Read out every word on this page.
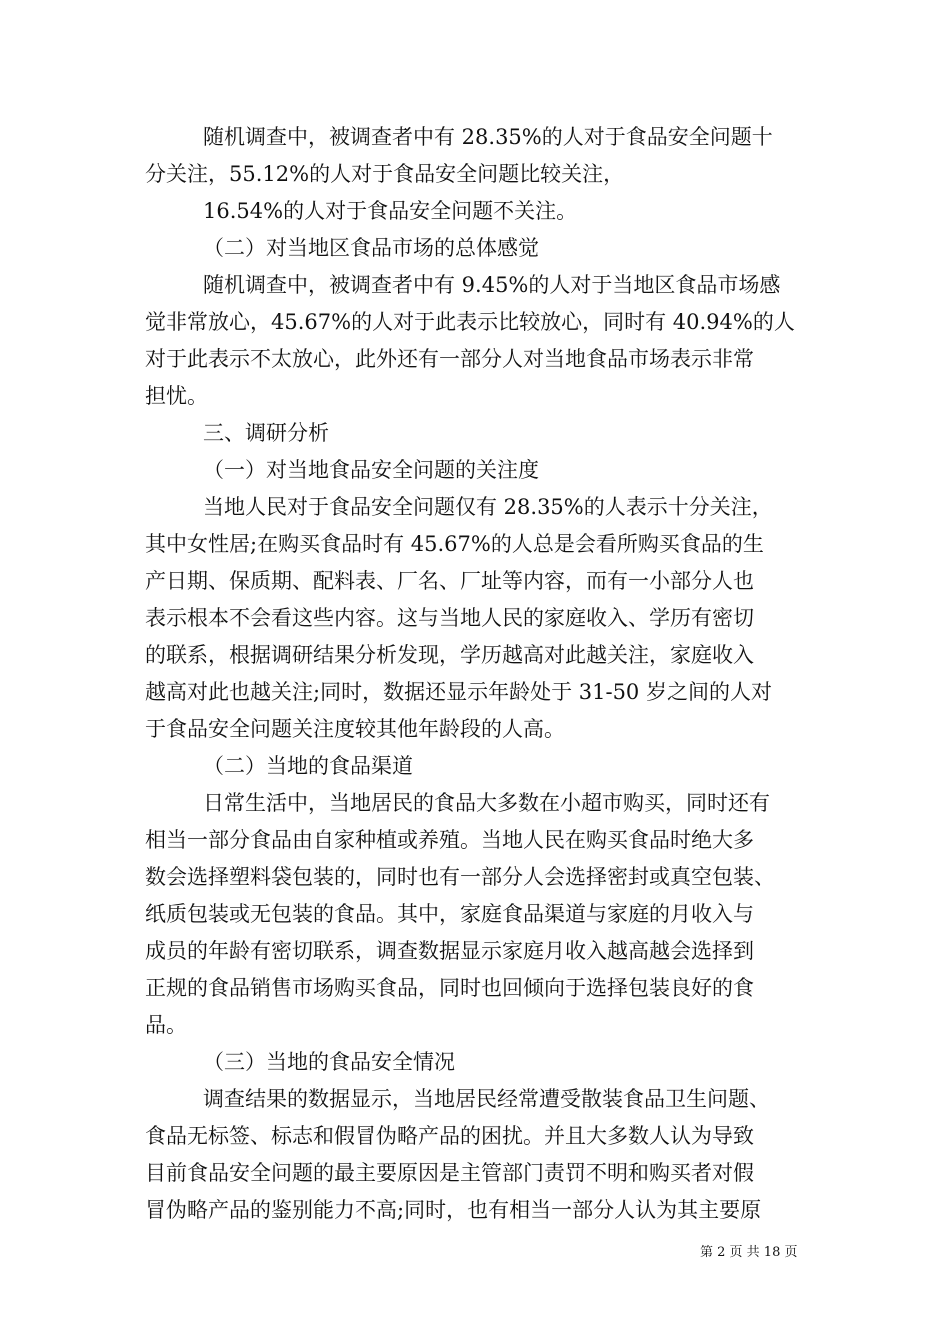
随机调查中，被调查者中有 28.35%的人对于食品安全问题十
分关注，55.12%的人对于食品安全问题比较关注，
16.54%的人对于食品安全问题不关注。
（二）对当地区食品市场的总体感觉
随机调查中，被调查者中有 9.45%的人对于当地区食品市场感
觉非常放心，45.67%的人对于此表示比较放心，同时有 40.94%的人
对于此表示不太放心，此外还有一部分人对当地食品市场表示非常
担忧。
三、调研分析
（一）对当地食品安全问题的关注度
当地人民对于食品安全问题仅有 28.35%的人表示十分关注，
其中女性居;在购买食品时有 45.67%的人总是会看所购买食品的生
产日期、保质期、配料表、厂名、厂址等内容，而有一小部分人也
表示根本不会看这些内容。这与当地人民的家庭收入、学历有密切
的联系，根据调研结果分析发现，学历越高对此越关注，家庭收入
越高对此也越关注;同时，数据还显示年龄处于 31-50 岁之间的人对
于食品安全问题关注度较其他年龄段的人高。
（二）当地的食品渠道
日常生活中，当地居民的食品大多数在小超市购买，同时还有
相当一部分食品由自家种植或养殖。当地人民在购买食品时绝大多
数会选择塑料袋包装的，同时也有一部分人会选择密封或真空包装、
纸质包装或无包装的食品。其中，家庭食品渠道与家庭的月收入与
成员的年龄有密切联系，调查数据显示家庭月收入越高越会选择到
正规的食品销售市场购买食品，同时也回倾向于选择包装良好的食
品。
（三）当地的食品安全情况
调查结果的数据显示，当地居民经常遭受散装食品卫生问题、
食品无标签、标志和假冒伪略产品的困扰。并且大多数人认为导致
目前食品安全问题的最主要原因是主管部门责罚不明和购买者对假
冒伪略产品的鉴别能力不高;同时，也有相当一部分人认为其主要原
第 2 页 共 18 页
